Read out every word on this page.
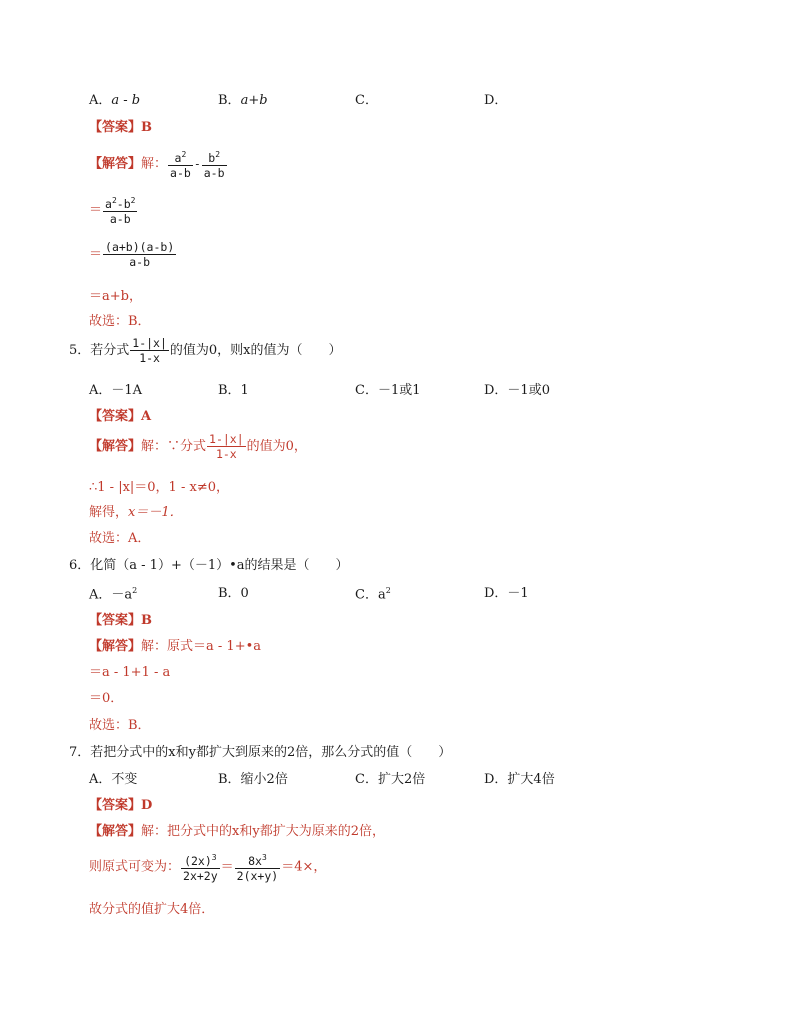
A．a - b	B．a+b	C．	D．
【答案】B
【解答】解： $\frac{a^2}{a-b} - \frac{b^2}{a-b}$
＝ $\frac{a^2-b^2}{a-b}$
＝ $\frac{(a+b)(a-b)}{a-b}$
＝a+b，
故选：B．
5．若分式 $\frac{1-|x|}{1-x}$ 的值为0，则x的值为（　　）
A．－1A	B．1	C．－1或1	D．－1或0
【答案】A
【解答】解：∵分式 $\frac{1-|x|}{1-x}$ 的值为0，
∴1 - |x|＝0，1 - x≠0，
解得，x＝－1．
故选：A．
6．化简（a - 1）+（－1）•a的结果是（　　）
A．$-a^2$	B．0	C．$a^2$	D．－1
【答案】B
【解答】解：原式＝a - 1+•a
＝a - 1+1 - a
＝0．
故选：B．
7．若把分式中的x和y都扩大到原来的2倍，那么分式的值（　　）
A．不变	B．缩小2倍	C．扩大2倍	D．扩大4倍
【答案】D
【解答】解：把分式中的x和y都扩大为原来的2倍，
则原式可变为： $\frac{(2x)^3}{2x+2y} = \frac{8x^3}{2(x+y)} =4\times$，
故分式的值扩大4倍．
